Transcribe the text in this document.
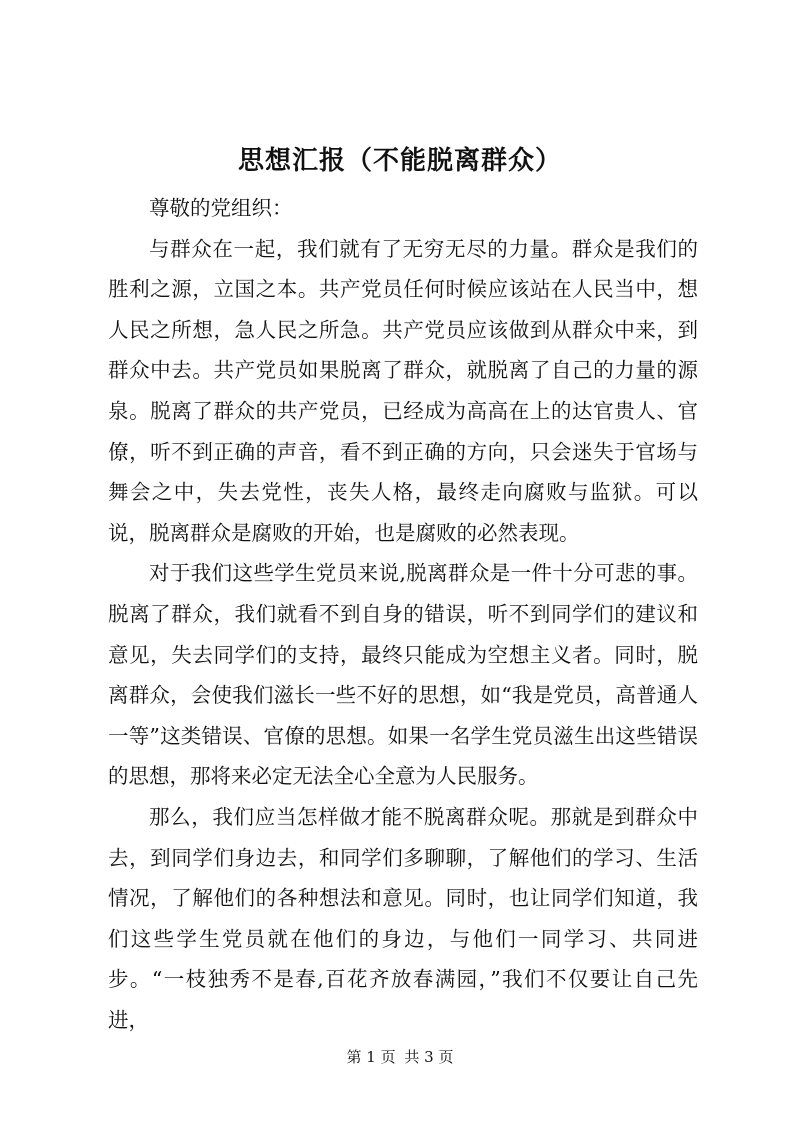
思想汇报（不能脱离群众）

尊敬的党组织：

与群众在一起，我们就有了无穷无尽的力量。群众是我们的胜利之源，立国之本。共产党员任何时候应该站在人民当中，想人民之所想，急人民之所急。共产党员应该做到从群众中来，到群众中去。共产党员如果脱离了群众，就脱离了自己的力量的源泉。脱离了群众的共产党员，已经成为高高在上的达官贵人、官僚，听不到正确的声音，看不到正确的方向，只会迷失于官场与舞会之中，失去党性，丧失人格，最终走向腐败与监狱。可以说，脱离群众是腐败的开始，也是腐败的必然表现。

对于我们这些学生党员来说,脱离群众是一件十分可悲的事。脱离了群众，我们就看不到自身的错误，听不到同学们的建议和意见，失去同学们的支持，最终只能成为空想主义者。同时，脱离群众，会使我们滋长一些不好的思想，如“我是党员，高普通人一等”这类错误、官僚的思想。如果一名学生党员滋生出这些错误的思想，那将来必定无法全心全意为人民服务。

那么，我们应当怎样做才能不脱离群众呢。那就是到群众中去，到同学们身边去，和同学们多聊聊，了解他们的学习、生活情况，了解他们的各种想法和意见。同时，也让同学们知道，我们这些学生党员就在他们的身边，与他们一同学习、共同进步。“一枝独秀不是春,百花齐放春满园，”我们不仅要让自己先进，

第 1 页 共 3 页
